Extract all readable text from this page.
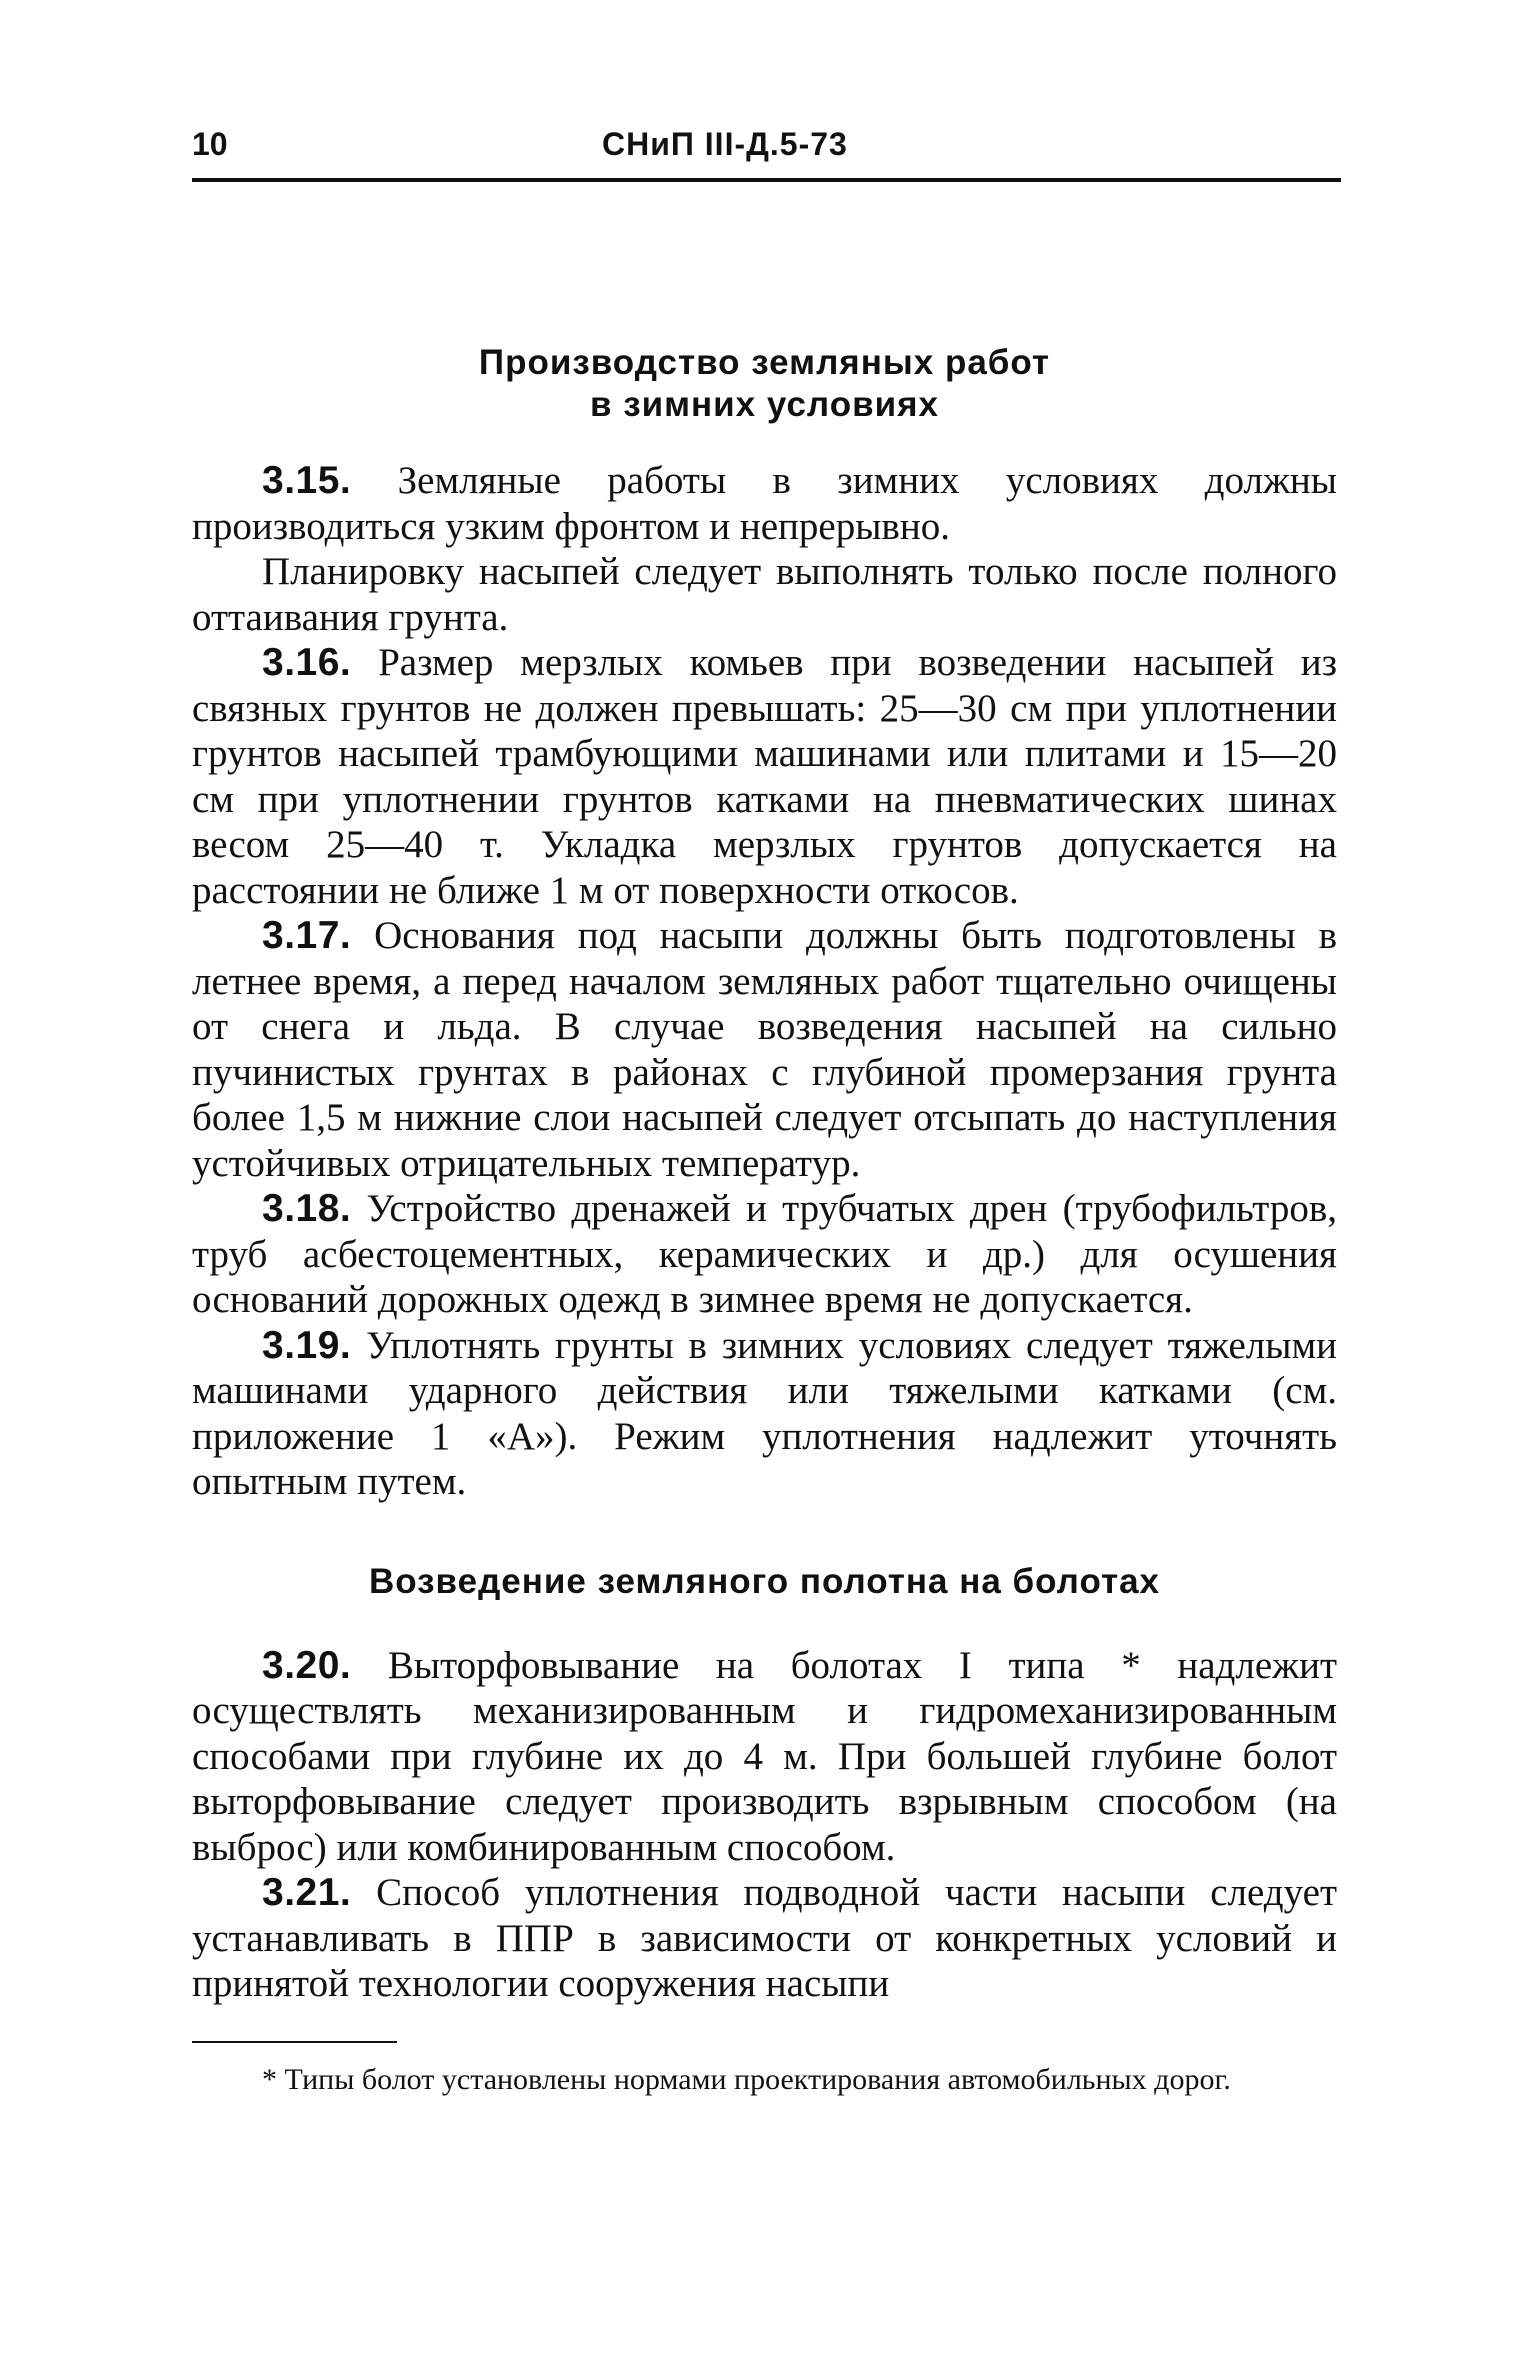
10	СНиП III-Д.5-73
Производство земляных работ
в зимних условиях

3.15. Земляные работы в зимних условиях должны производиться узким фронтом и непрерывно.

Планировку насыпей следует выполнять только после полного оттаивания грунта.

3.16. Размер мерзлых комьев при возведении насыпей из связных грунтов не должен превышать: 25—30 см при уплотнении грунтов насыпей трамбующими машинами или плитами и 15—20 см при уплотнении грунтов катками на пневматических шинах весом 25—40 т. Укладка мерзлых грунтов допускается на расстоянии не ближе 1 м от поверхности откосов.

3.17. Основания под насыпи должны быть подготовлены в летнее время, а перед началом земляных работ тщательно очищены от снега и льда. В случае возведения насыпей на сильно пучинистых грунтах в районах с глубиной промерзания грунта более 1,5 м нижние слои насыпей следует отсыпать до наступления устойчивых отрицательных температур.

3.18. Устройство дренажей и трубчатых дрен (трубофильтров, труб асбестоцементных, керамических и др.) для осушения оснований дорожных одежд в зимнее время не допускается.

3.19. Уплотнять грунты в зимних условиях следует тяжелыми машинами ударного действия или тяжелыми катками (см. приложение 1 «А»). Режим уплотнения надлежит уточнять опытным путем.

Возведение земляного полотна на болотах

3.20. Выторфовывание на болотах I типа * надлежит осуществлять механизированным и гидромеханизированным способами при глубине их до 4 м. При большей глубине болот выторфовывание следует производить взрывным способом (на выброс) или комбинированным способом.

3.21. Способ уплотнения подводной части насыпи следует устанавливать в ППР в зависимости от конкретных условий и принятой технологии сооружения насыпи

* Типы болот установлены нормами проектирования автомобильных дорог.
